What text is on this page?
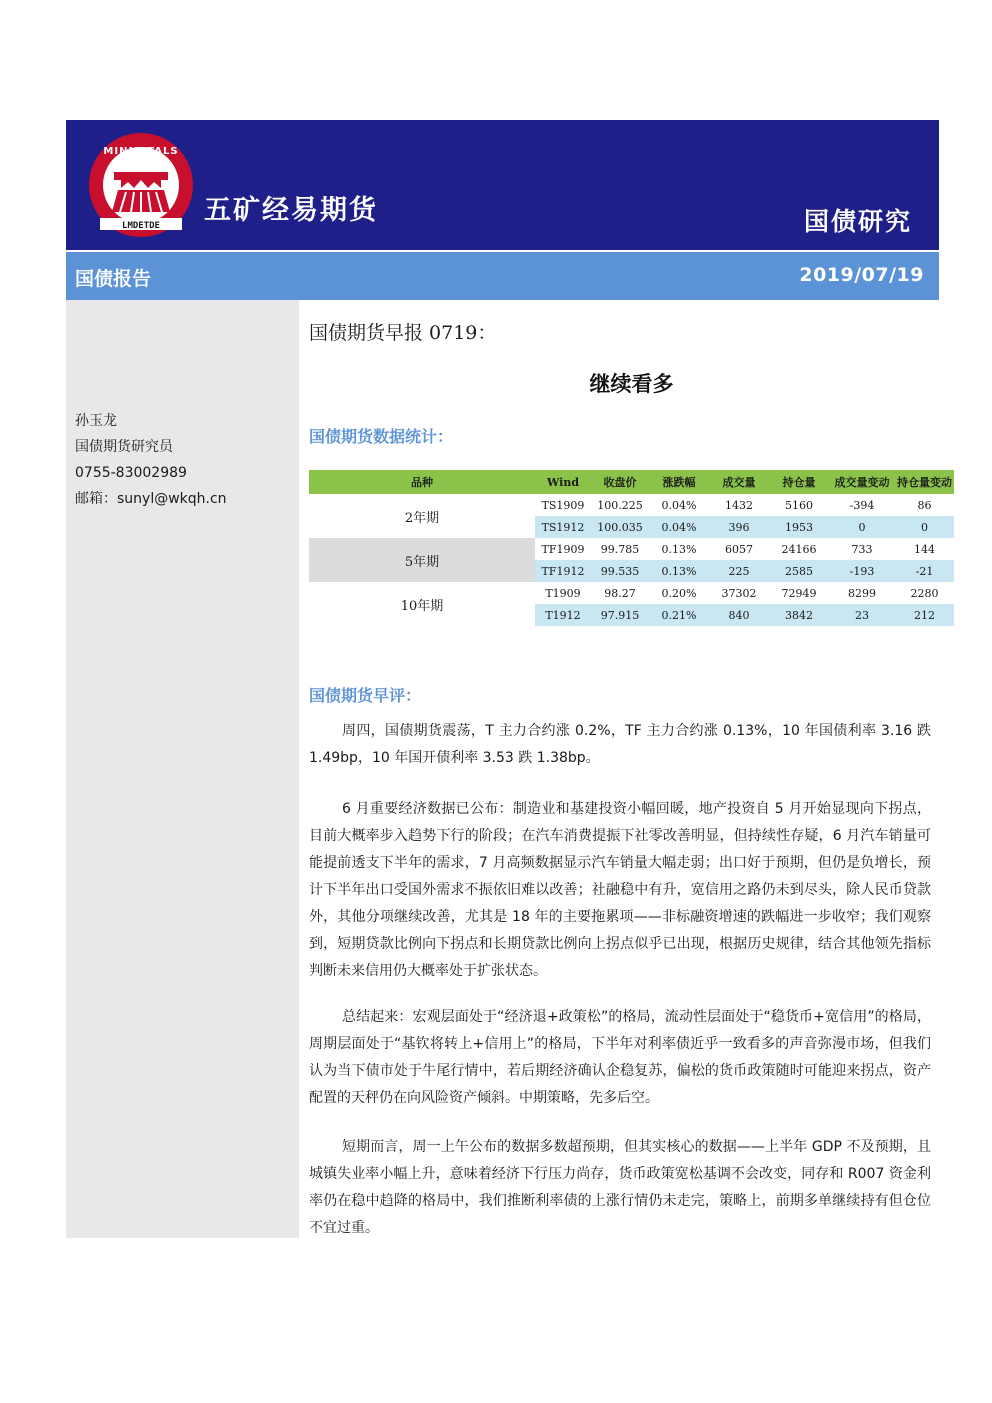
LMDETDE
MINMETALS
五矿经易期货	国债研究
国债报告	2019/07/19
孙玉龙
国债期货研究员
0755-83002989
邮箱：sunyl@wkqh.cn
国债期货早报 0719：
继续看多
国债期货数据统计：
品种	Wind	收盘价	涨跌幅	成交量	持仓量	成交量变动	持仓量变动
2年期	TS1909	100.225	0.04%	1432	5160	-394	86
	TS1912	100.035	0.04%	396	1953	0	0
5年期	TF1909	99.785	0.13%	6057	24166	733	144
	TF1912	99.535	0.13%	225	2585	-193	-21
10年期	T1909	98.27	0.20%	37302	72949	8299	2280
	T1912	97.915	0.21%	840	3842	23	212
国债期货早评：
周四，国债期货震荡，T 主力合约涨 0.2%，TF 主力合约涨 0.13%，10 年国债利率 3.16 跌 1.49bp，10 年国开债利率 3.53 跌 1.38bp。
6 月重要经济数据已公布：制造业和基建投资小幅回暖，地产投资自 5 月开始显现向下拐点，目前大概率步入趋势下行的阶段；在汽车消费提振下社零改善明显，但持续性存疑，6 月汽车销量可能提前透支下半年的需求，7 月高频数据显示汽车销量大幅走弱；出口好于预期，但仍是负增长，预计下半年出口受国外需求不振依旧难以改善；社融稳中有升，宽信用之路仍未到尽头，除人民币贷款外，其他分项继续改善，尤其是 18 年的主要拖累项——非标融资增速的跌幅进一步收窄；我们观察到，短期贷款比例向下拐点和长期贷款比例向上拐点似乎已出现，根据历史规律，结合其他领先指标判断未来信用仍大概率处于扩张状态。
总结起来：宏观层面处于“经济退+政策松”的格局，流动性层面处于“稳货币+宽信用”的格局，周期层面处于“基钦将转上+信用上”的格局，下半年对利率债近乎一致看多的声音弥漫市场，但我们认为当下债市处于牛尾行情中，若后期经济确认企稳复苏，偏松的货币政策随时可能迎来拐点，资产配置的天秤仍在向风险资产倾斜。中期策略，先多后空。
短期而言，周一上午公布的数据多数超预期，但其实核心的数据——上半年 GDP 不及预期，且城镇失业率小幅上升，意味着经济下行压力尚存，货币政策宽松基调不会改变，同存和 R007 资金利率仍在稳中趋降的格局中，我们推断利率债的上涨行情仍未走完，策略上，前期多单继续持有但仓位不宜过重。
